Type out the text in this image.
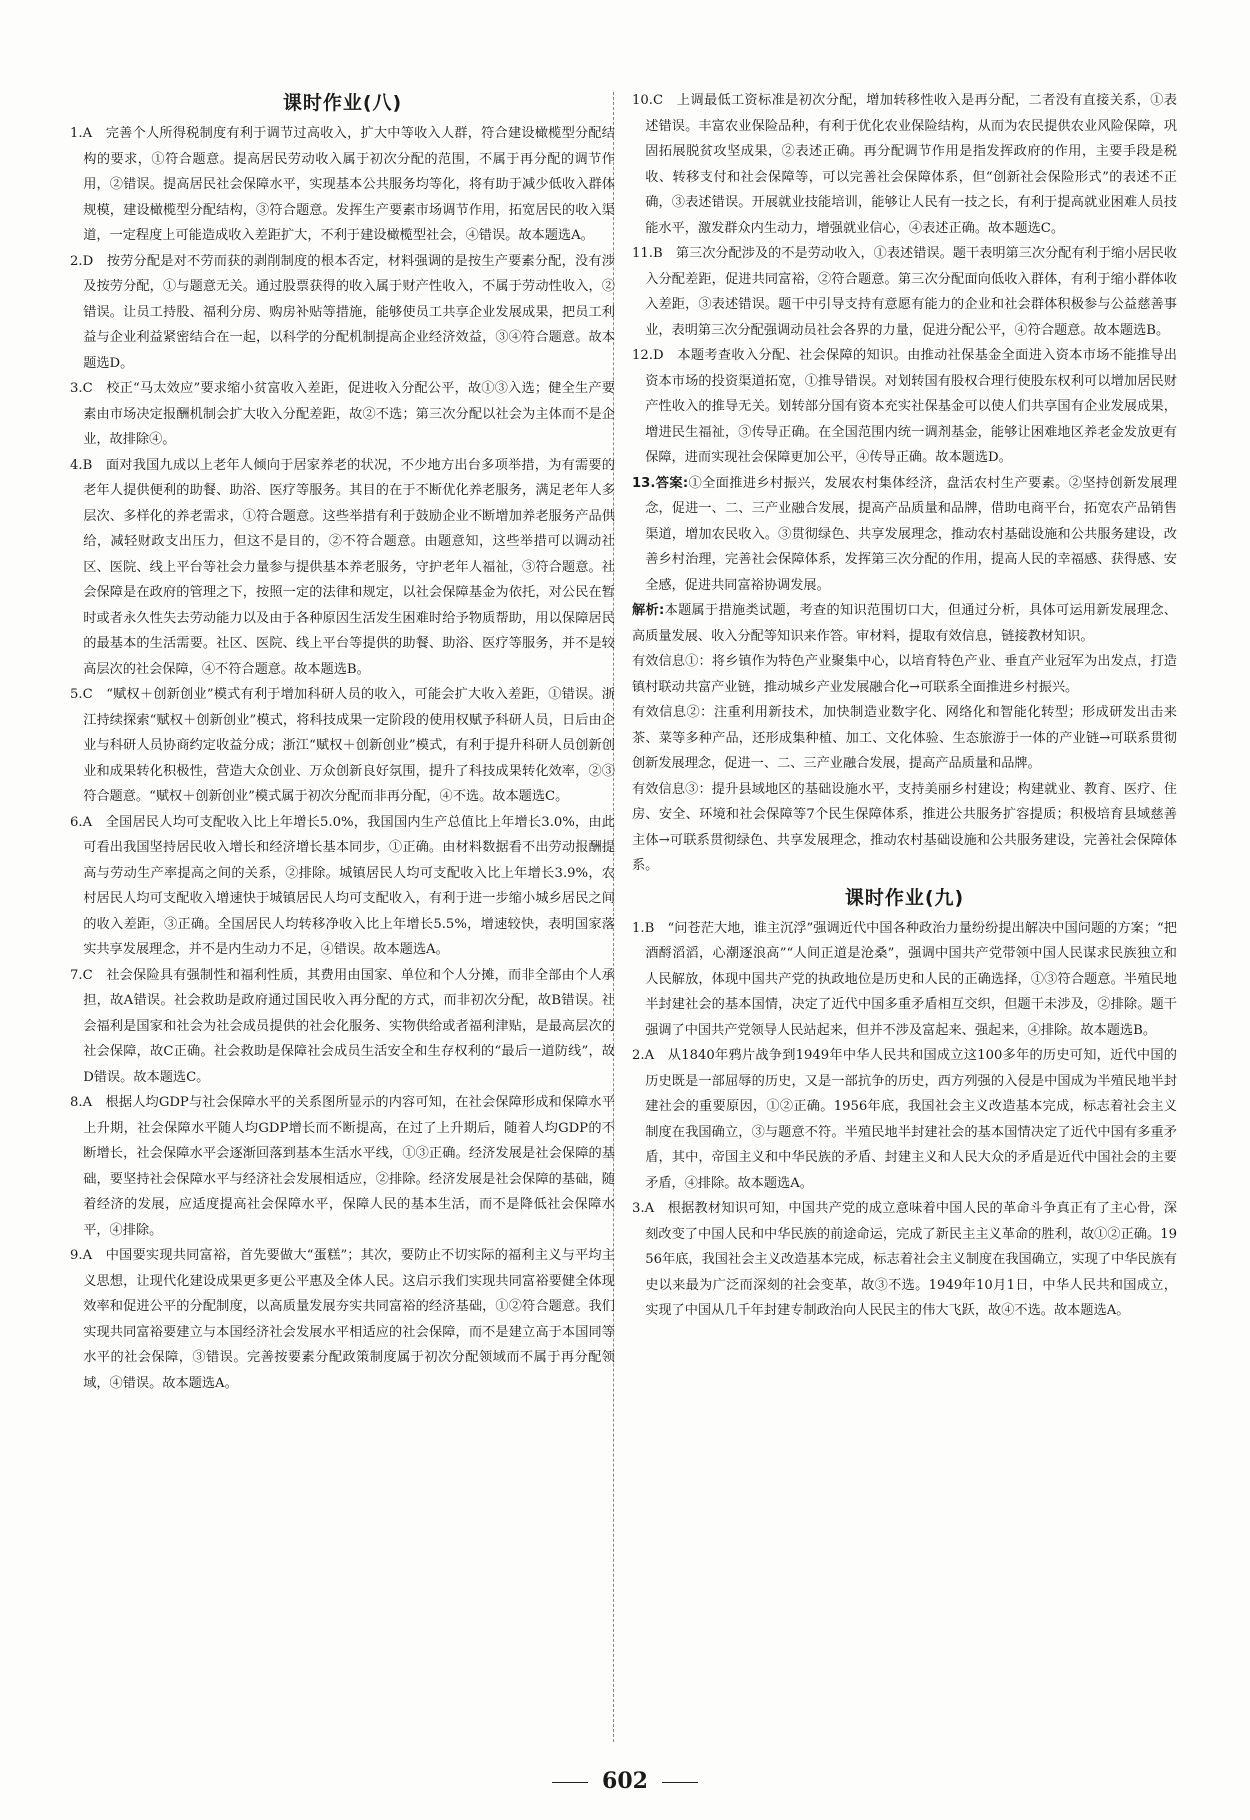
课时作业(八)

1.A　完善个人所得税制度有利于调节过高收入，扩大中等收入人群，符合建设橄榄型分配结构的要求，①符合题意。提高居民劳动收入属于初次分配的范围，不属于再分配的调节作用，②错误。提高居民社会保障水平，实现基本公共服务均等化，将有助于减少低收入群体规模，建设橄榄型分配结构，③符合题意。发挥生产要素市场调节作用，拓宽居民的收入渠道，一定程度上可能造成收入差距扩大，不利于建设橄榄型社会，④错误。故本题选A。

2.D　按劳分配是对不劳而获的剥削制度的根本否定，材料强调的是按生产要素分配，没有涉及按劳分配，①与题意无关。通过股票获得的收入属于财产性收入，不属于劳动性收入，②错误。让员工持股、福利分房、购房补贴等措施，能够使员工共享企业发展成果，把员工利益与企业利益紧密结合在一起，以科学的分配机制提高企业经济效益，③④符合题意。故本题选D。

3.C　校正“马太效应”要求缩小贫富收入差距，促进收入分配公平，故①③入选；健全生产要素由市场决定报酬机制会扩大收入分配差距，故②不选；第三次分配以社会为主体而不是企业，故排除④。

4.B　面对我国九成以上老年人倾向于居家养老的状况，不少地方出台多项举措，为有需要的老年人提供便利的助餐、助浴、医疗等服务。其目的在于不断优化养老服务，满足老年人多层次、多样化的养老需求，①符合题意。这些举措有利于鼓励企业不断增加养老服务产品供给，减轻财政支出压力，但这不是目的，②不符合题意。由题意知，这些举措可以调动社区、医院、线上平台等社会力量参与提供基本养老服务，守护老年人福祉，③符合题意。社会保障是在政府的管理之下，按照一定的法律和规定，以社会保障基金为依托，对公民在暂时或者永久性失去劳动能力以及由于各种原因生活发生困难时给予物质帮助，用以保障居民的最基本的生活需要。社区、医院、线上平台等提供的助餐、助浴、医疗等服务，并不是较高层次的社会保障，④不符合题意。故本题选B。

5.C　“赋权＋创新创业”模式有利于增加科研人员的收入，可能会扩大收入差距，①错误。浙江持续探索“赋权＋创新创业”模式，将科技成果一定阶段的使用权赋予科研人员，日后由企业与科研人员协商约定收益分成；浙江“赋权＋创新创业”模式，有利于提升科研人员创新创业和成果转化积极性，营造大众创业、万众创新良好氛围，提升了科技成果转化效率，②③符合题意。“赋权＋创新创业”模式属于初次分配而非再分配，④不选。故本题选C。

6.A　全国居民人均可支配收入比上年增长5.0%，我国国内生产总值比上年增长3.0%，由此可看出我国坚持居民收入增长和经济增长基本同步，①正确。由材料数据看不出劳动报酬提高与劳动生产率提高之间的关系，②排除。城镇居民人均可支配收入比上年增长3.9%，农村居民人均可支配收入增速快于城镇居民人均可支配收入，有利于进一步缩小城乡居民之间的收入差距，③正确。全国居民人均转移净收入比上年增长5.5%，增速较快，表明国家落实共享发展理念，并不是内生动力不足，④错误。故本题选A。

7.C　社会保险具有强制性和福利性质，其费用由国家、单位和个人分摊，而非全部由个人承担，故A错误。社会救助是政府通过国民收入再分配的方式，而非初次分配，故B错误。社会福利是国家和社会为社会成员提供的社会化服务、实物供给或者福利津贴，是最高层次的社会保障，故C正确。社会救助是保障社会成员生活安全和生存权利的“最后一道防线”，故D错误。故本题选C。

8.A　根据人均GDP与社会保障水平的关系图所显示的内容可知，在社会保障形成和保障水平上升期，社会保障水平随人均GDP增长而不断提高，在过了上升期后，随着人均GDP的不断增长，社会保障水平会逐渐回落到基本生活水平线，①③正确。经济发展是社会保障的基础，要坚持社会保障水平与经济社会发展相适应，②排除。经济发展是社会保障的基础，随着经济的发展，应适度提高社会保障水平，保障人民的基本生活，而不是降低社会保障水平，④排除。

9.A　中国要实现共同富裕，首先要做大“蛋糕”；其次，要防止不切实际的福利主义与平均主义思想，让现代化建设成果更多更公平惠及全体人民。这启示我们实现共同富裕要健全体现效率和促进公平的分配制度，以高质量发展夯实共同富裕的经济基础，①②符合题意。我们实现共同富裕要建立与本国经济社会发展水平相适应的社会保障，而不是建立高于本国同等水平的社会保障，③错误。完善按要素分配政策制度属于初次分配领域而不属于再分配领域，④错误。故本题选A。

10.C　上调最低工资标准是初次分配，增加转移性收入是再分配，二者没有直接关系，①表述错误。丰富农业保险品种，有利于优化农业保险结构，从而为农民提供农业风险保障，巩固拓展脱贫攻坚成果，②表述正确。再分配调节作用是指发挥政府的作用，主要手段是税收、转移支付和社会保障等，可以完善社会保障体系，但“创新社会保险形式”的表述不正确，③表述错误。开展就业技能培训，能够让人民有一技之长，有利于提高就业困难人员技能水平，激发群众内生动力，增强就业信心，④表述正确。故本题选C。

11.B　第三次分配涉及的不是劳动收入，①表述错误。题干表明第三次分配有利于缩小居民收入分配差距，促进共同富裕，②符合题意。第三次分配面向低收入群体，有利于缩小群体收入差距，③表述错误。题干中引导支持有意愿有能力的企业和社会群体积极参与公益慈善事业，表明第三次分配强调动员社会各界的力量，促进分配公平，④符合题意。故本题选B。

12.D　本题考查收入分配、社会保障的知识。由推动社保基金全面进入资本市场不能推导出资本市场的投资渠道拓宽，①推导错误。对划转国有股权合理行使股东权利可以增加居民财产性收入的推导无关。划转部分国有资本充实社保基金可以使人们共享国有企业发展成果，增进民生福祉，③传导正确。在全国范围内统一调剂基金，能够让困难地区养老金发放更有保障，进而实现社会保障更加公平，④传导正确。故本题选D。

13.答案:①全面推进乡村振兴，发展农村集体经济，盘活农村生产要素。②坚持创新发展理念，促进一、二、三产业融合发展，提高产品质量和品牌，借助电商平台，拓宽农产品销售渠道，增加农民收入。③贯彻绿色、共享发展理念，推动农村基础设施和公共服务建设，改善乡村治理，完善社会保障体系，发挥第三次分配的作用，提高人民的幸福感、获得感、安全感，促进共同富裕协调发展。

解析:本题属于措施类试题，考查的知识范围切口大，但通过分析，具体可运用新发展理念、高质量发展、收入分配等知识来作答。审材料，提取有效信息，链接教材知识。

有效信息①：将乡镇作为特色产业聚集中心，以培育特色产业、垂直产业冠军为出发点，打造镇村联动共富产业链，推动城乡产业发展融合化→可联系全面推进乡村振兴。

有效信息②：注重利用新技术，加快制造业数字化、网络化和智能化转型；形成研发出击来茶、菜等多种产品，还形成集种植、加工、文化体验、生态旅游于一体的产业链→可联系贯彻创新发展理念，促进一、二、三产业融合发展，提高产品质量和品牌。

有效信息③：提升县域地区的基础设施水平，支持美丽乡村建设；构建就业、教育、医疗、住房、安全、环境和社会保障等7个民生保障体系，推进公共服务扩容提质；积极培育县域慈善主体→可联系贯彻绿色、共享发展理念，推动农村基础设施和公共服务建设，完善社会保障体系。

课时作业(九)

1.B　“问苍茫大地，谁主沉浮”强调近代中国各种政治力量纷纷提出解决中国问题的方案；“把酒酹滔滔，心潮逐浪高”“人间正道是沧桑”，强调中国共产党带领中国人民谋求民族独立和人民解放，体现中国共产党的执政地位是历史和人民的正确选择，①③符合题意。半殖民地半封建社会的基本国情，决定了近代中国多重矛盾相互交织，但题干未涉及，②排除。题干强调了中国共产党领导人民站起来，但并不涉及富起来、强起来，④排除。故本题选B。

2.A　从1840年鸦片战争到1949年中华人民共和国成立这100多年的历史可知，近代中国的历史既是一部屈辱的历史，又是一部抗争的历史，西方列强的入侵是中国成为半殖民地半封建社会的重要原因，①②正确。1956年底，我国社会主义改造基本完成，标志着社会主义制度在我国确立，③与题意不符。半殖民地半封建社会的基本国情决定了近代中国有多重矛盾，其中，帝国主义和中华民族的矛盾、封建主义和人民大众的矛盾是近代中国社会的主要矛盾，④排除。故本题选A。

3.A　根据教材知识可知，中国共产党的成立意味着中国人民的革命斗争真正有了主心骨，深刻改变了中国人民和中华民族的前途命运，完成了新民主主义革命的胜利，故①②正确。1956年底，我国社会主义改造基本完成，标志着社会主义制度在我国确立，实现了中华民族有史以来最为广泛而深刻的社会变革，故③不选。1949年10月1日，中华人民共和国成立，实现了中国从几千年封建专制政治向人民民主的伟大飞跃，故④不选。故本题选A。

602
